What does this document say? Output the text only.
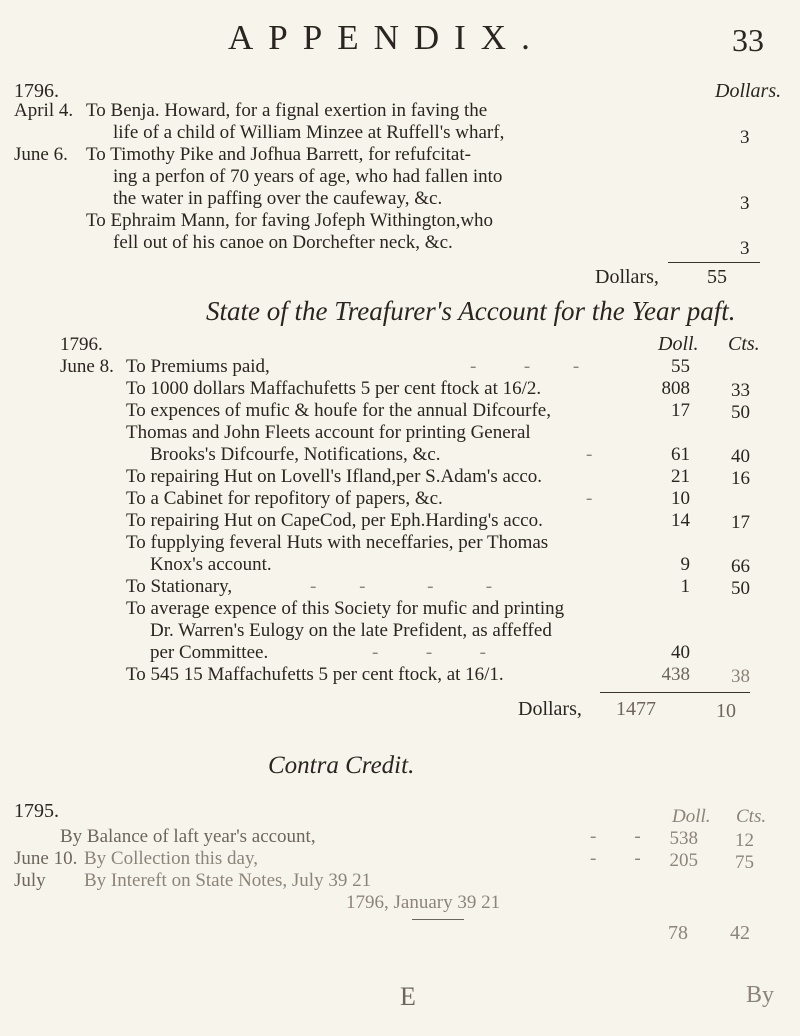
APPENDIX.	33
1796.	Dollars.
April 4. To Benja. Howard, for a fignal exertion in faving the
life of a child of William Minzee at Ruffell's wharf,	3
June 6. To Timothy Pike and Jofhua Barrett, for refufcitat-
ing a perfon of 70 years of age, who had fallen into
the water in paffing over the caufeway, &c.	3
To Ephraim Mann, for faving Jofeph Withington,who
fell out of his canoe on Dorchefter neck, &c.	3
Dollars, 55
State of the Treafurer's Account for the Year paft.
1796.	Doll. Cts.
June 8. To Premiums paid,	-          -         -	55
To 1000 dollars Maffachufetts 5 per cent ftock at 16/2.	808	33
To expences of mufic & houfe for the annual Difcourfe,	17	50
Thomas and John Fleets account for printing General
Brooks's Difcourfe, Notifications, &c.	-	61	40
To repairing Hut on Lovell's Ifland,per S.Adam's acco.	21	16
To a Cabinet for repofitory of papers, &c.	-	10
To repairing Hut on CapeCod, per Eph.Harding's acco.	14	17
To fupplying feveral Huts with neceffaries, per Thomas
Knox's account.	9	66
To Stationary,	-         -             -           -	1	50
To average expence of this Society for mufic and printing
Dr. Warren's Eulogy on the late Prefident, as affeffed
per Committee.	-          -          -	40
To 545 15 Maffachufetts 5 per cent ftock, at 16/1.	438	38
Dollars, 1477	10
Contra Credit.
1795.	Doll. Cts.
By Balance of laft year's account,	-        -	538	12
June 10. By Collection this day,	-        -	205	75
July By Intereft on State Notes, July 39 21
1796, January 39 21
78 42
E	By
